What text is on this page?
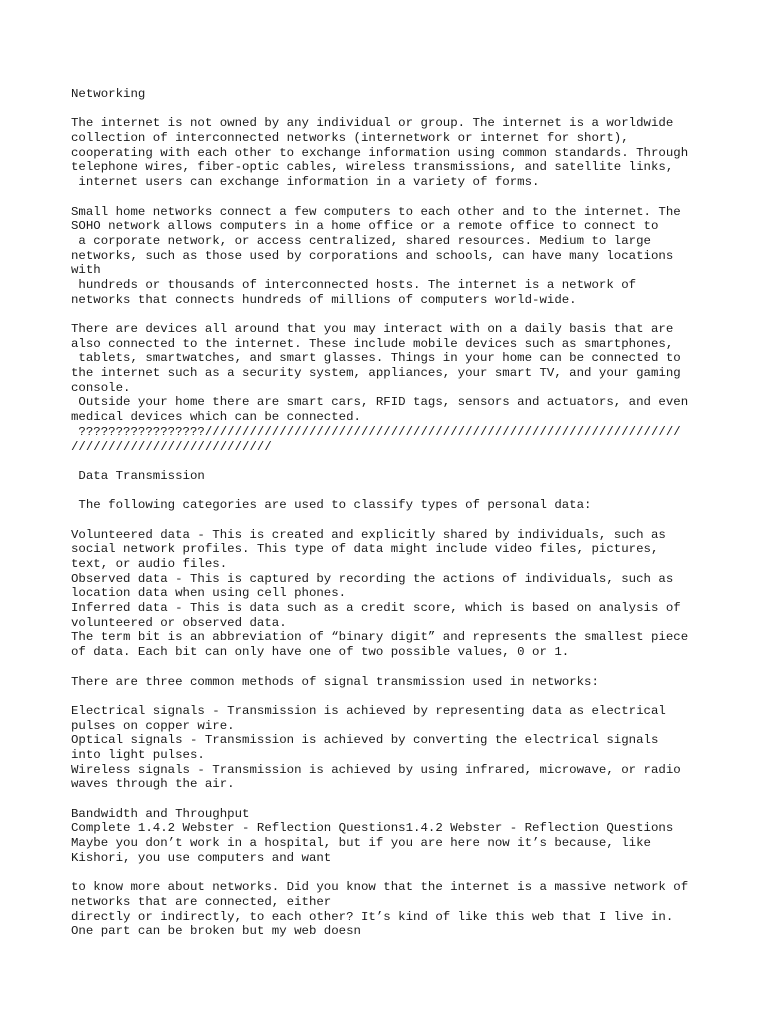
Networking
The internet is not owned by any individual or group. The internet is a worldwide
collection of interconnected networks (internetwork or internet for short),
cooperating with each other to exchange information using common standards. Through
telephone wires, fiber-optic cables, wireless transmissions, and satellite links,
internet users can exchange information in a variety of forms.
Small home networks connect a few computers to each other and to the internet. The
SOHO network allows computers in a home office or a remote office to connect to
a corporate network, or access centralized, shared resources. Medium to large
networks, such as those used by corporations and schools, can have many locations
with
hundreds or thousands of interconnected hosts. The internet is a network of
networks that connects hundreds of millions of computers world-wide.
There are devices all around that you may interact with on a daily basis that are
also connected to the internet. These include mobile devices such as smartphones,
tablets, smartwatches, and smart glasses. Things in your home can be connected to
the internet such as a security system, appliances, your smart TV, and your gaming
console.
Outside your home there are smart cars, RFID tags, sensors and actuators, and even
medical devices which can be connected.
?????????????????////////////////////////////////////////////////////////////////
///////////////////////////
Data Transmission
The following categories are used to classify types of personal data:
Volunteered data - This is created and explicitly shared by individuals, such as
social network profiles. This type of data might include video files, pictures,
text, or audio files.
Observed data - This is captured by recording the actions of individuals, such as
location data when using cell phones.
Inferred data - This is data such as a credit score, which is based on analysis of
volunteered or observed data.
The term bit is an abbreviation of “binary digit” and represents the smallest piece
of data. Each bit can only have one of two possible values, 0 or 1.
There are three common methods of signal transmission used in networks:
Electrical signals - Transmission is achieved by representing data as electrical
pulses on copper wire.
Optical signals - Transmission is achieved by converting the electrical signals
into light pulses.
Wireless signals - Transmission is achieved by using infrared, microwave, or radio
waves through the air.
Bandwidth and Throughput
Complete 1.4.2 Webster - Reflection Questions1.4.2 Webster - Reflection Questions
Maybe you don’t work in a hospital, but if you are here now it’s because, like
Kishori, you use computers and want
to know more about networks. Did you know that the internet is a massive network of
networks that are connected, either
directly or indirectly, to each other? It’s kind of like this web that I live in.
One part can be broken but my web doesn
